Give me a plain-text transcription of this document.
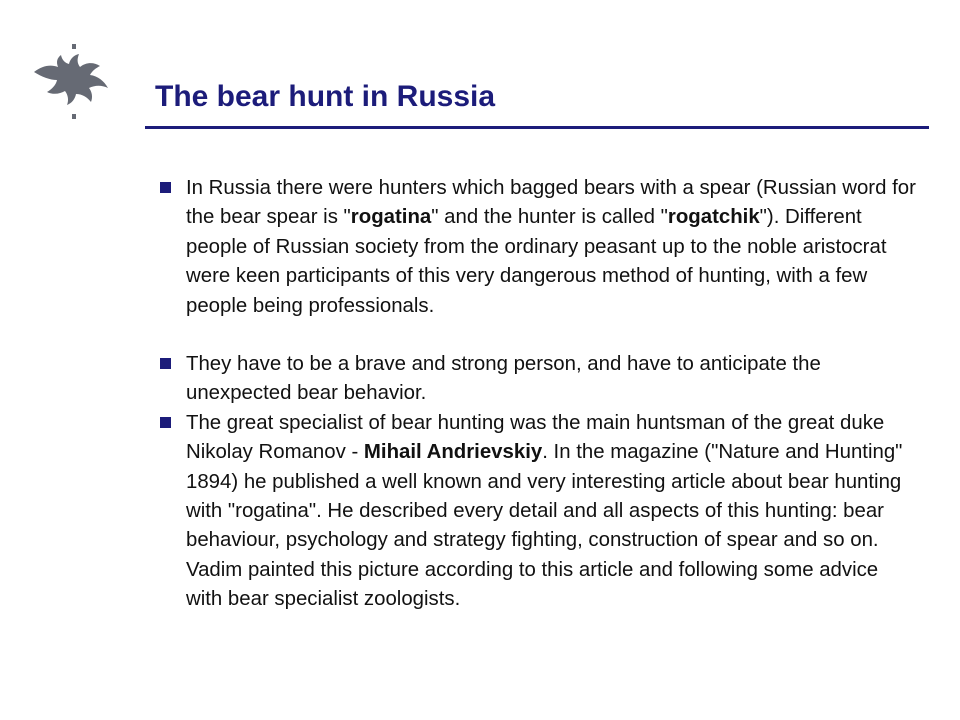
The bear hunt in Russia

In Russia there were hunters which bagged bears with a spear (Russian word for the bear spear is "rogatina" and the hunter is called "rogatchik"). Different people of Russian society from the ordinary peasant up to the noble aristocrat were keen participants of this very dangerous method of hunting, with a few people being professionals.

They have to be a brave and strong person, and have to anticipate the unexpected bear behavior.

The great specialist of bear hunting was the main huntsman of the great duke Nikolay Romanov - Mihail Andrievskiy. In the magazine ("Nature and Hunting" 1894) he published a well known and very interesting article about bear hunting with "rogatina". He described every detail and all aspects of this hunting: bear behaviour, psychology and strategy fighting, construction of spear and so on. Vadim painted this picture according to this article and following some advice with bear specialist zoologists.
